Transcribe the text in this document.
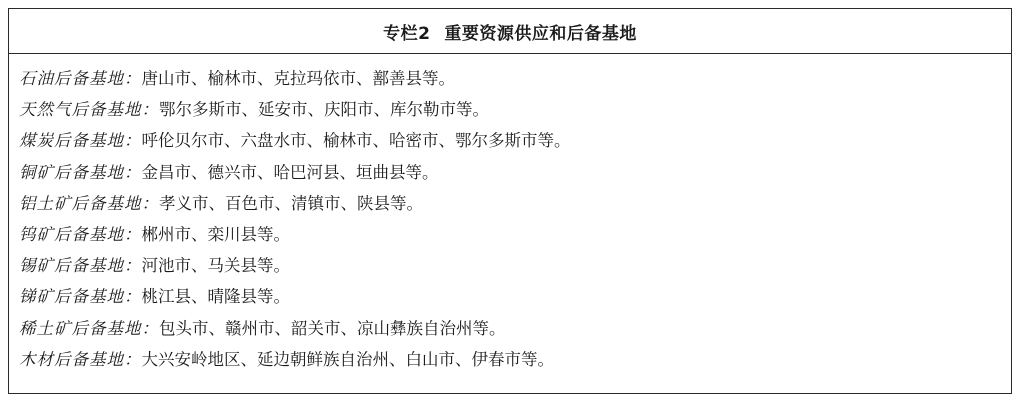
专栏2 重要资源供应和后备基地
石油后备基地：唐山市、榆林市、克拉玛依市、鄯善县等。
天然气后备基地：鄂尔多斯市、延安市、庆阳市、库尔勒市等。
煤炭后备基地：呼伦贝尔市、六盘水市、榆林市、哈密市、鄂尔多斯市等。
铜矿后备基地：金昌市、德兴市、哈巴河县、垣曲县等。
铝土矿后备基地：孝义市、百色市、清镇市、陕县等。
钨矿后备基地：郴州市、栾川县等。
锡矿后备基地：河池市、马关县等。
锑矿后备基地：桃江县、晴隆县等。
稀土矿后备基地：包头市、赣州市、韶关市、凉山彝族自治州等。
木材后备基地：大兴安岭地区、延边朝鲜族自治州、白山市、伊春市等。
